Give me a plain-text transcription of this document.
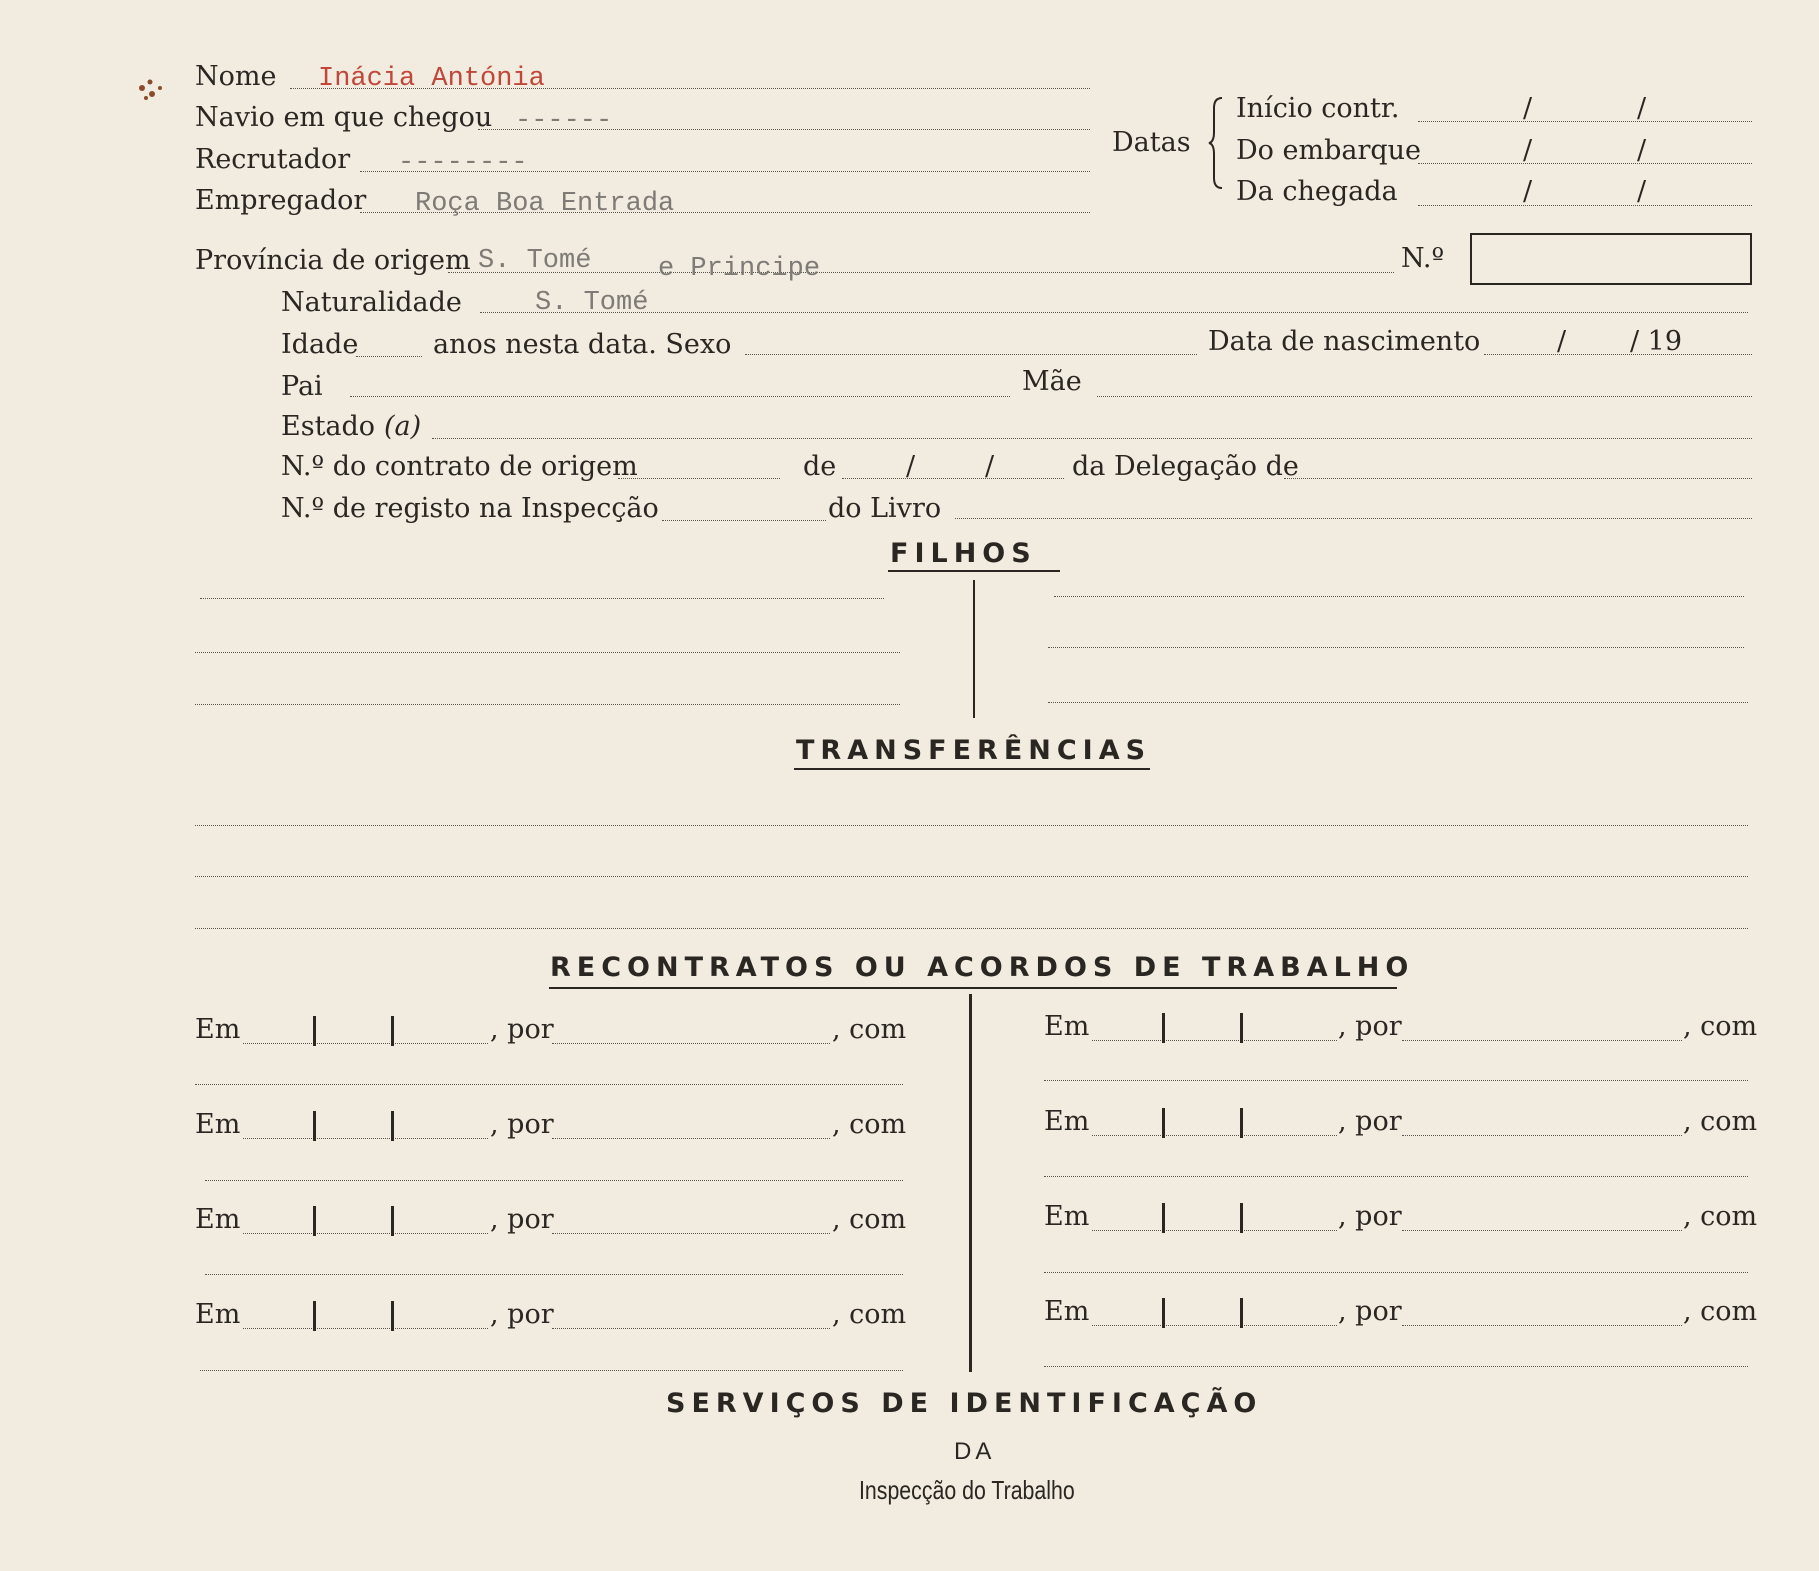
Nome Inácia Antónia
Navio em que chegou ------
Recrutador --------
Empregador Roça Boa Entrada
Datas
Início contr.	/	/
Do embarque	/	/
Da chegada	/	/
Província de origem S. Tomé e Principe	N.º
Naturalidade	S. Tomé
Idade	anos nesta data. Sexo	Data de nascimento	/ / 19
Pai	Mãe
Estado (a)
N.º do contrato de origem	de	/	/	da Delegação de
N.º de registo na Inspecção	do Livro
FILHOS
TRANSFERÊNCIAS
RECONTRATOS OU ACORDOS DE TRABALHO
Em	, por	, com
Em	, por	, com
Em	, por	, com
Em	, por	, com
Em	, por	, com
Em	, por	, com
Em	, por	, com
Em	, por	, com
SERVIÇOS DE IDENTIFICAÇÃO
DA
Inspecção do Trabalho
